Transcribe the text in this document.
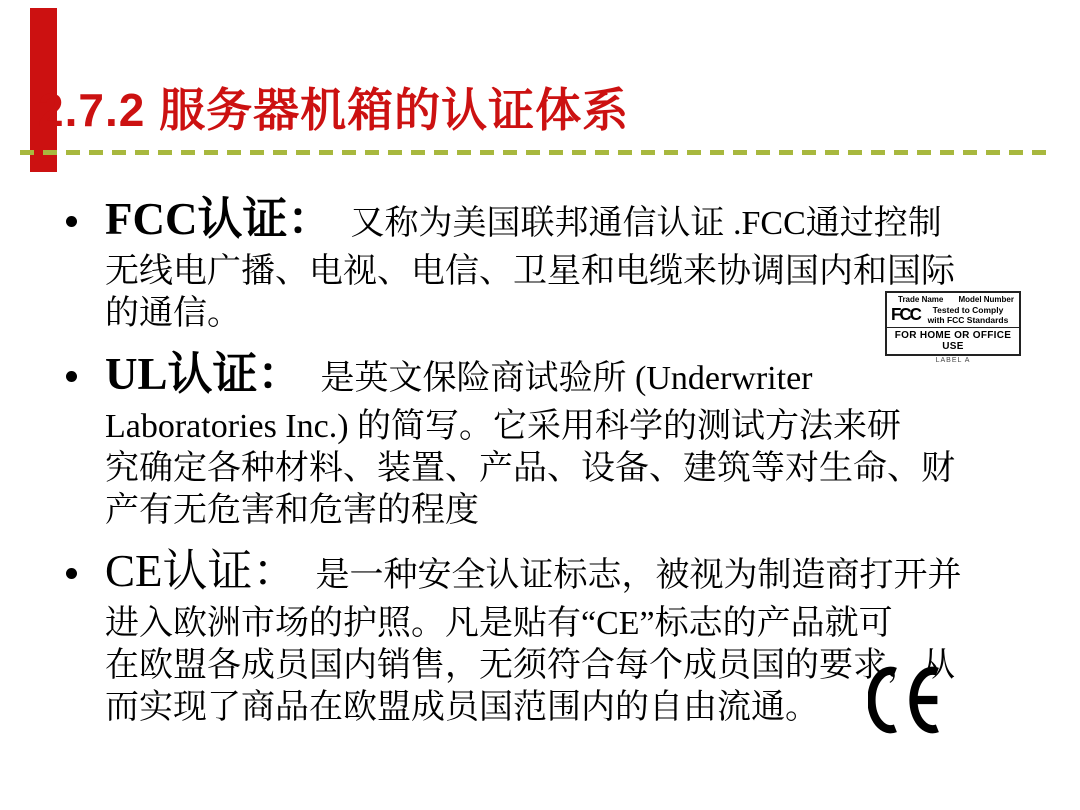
2.7.2 服务器机箱的认证体系
FCC认证： 又称为美国联邦通信认证 .FCC通过控制
无线电广播、电视、电信、卫星和电缆来协调国内和国际
的通信。
UL认证： 是英文保险商试验所 (Underwriter
Laboratories Inc.) 的简写。它采用科学的测试方法来研
究确定各种材料、装置、产品、设备、建筑等对生命、财
产有无危害和危害的程度
CE认证： 是一种安全认证标志，被视为制造商打开并
进入欧洲市场的护照。凡是贴有“CE”标志的产品就可
在欧盟各成员国内销售，无须符合每个成员国的要求，从
而实现了商品在欧盟成员国范围内的自由流通。
Trade Name Model Number
FCC	Tested to Comply
with FCC Standards
FOR HOME OR OFFICE USE
LABEL A
